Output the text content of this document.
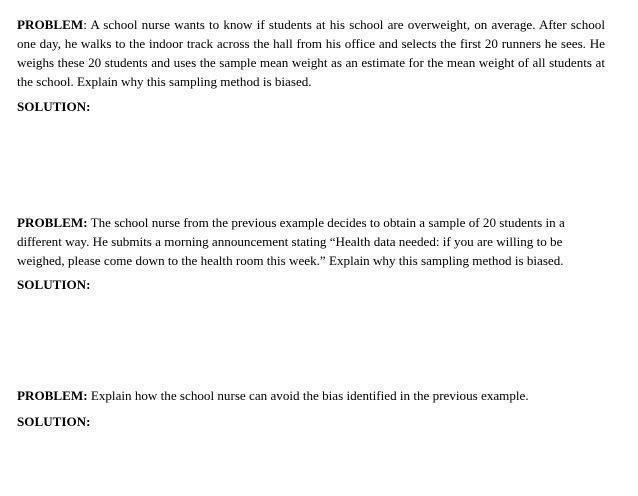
PROBLEM: A school nurse wants to know if students at his school are overweight, on average. After school one day, he walks to the indoor track across the hall from his office and selects the first 20 runners he sees. He weighs these 20 students and uses the sample mean weight as an estimate for the mean weight of all students at the school. Explain why this sampling method is biased.

SOLUTION:

PROBLEM: The school nurse from the previous example decides to obtain a sample of 20 students in a different way. He submits a morning announcement stating “Health data needed: if you are willing to be weighed, please come down to the health room this week.” Explain why this sampling method is biased.

SOLUTION:

PROBLEM: Explain how the school nurse can avoid the bias identified in the previous example.

SOLUTION:
